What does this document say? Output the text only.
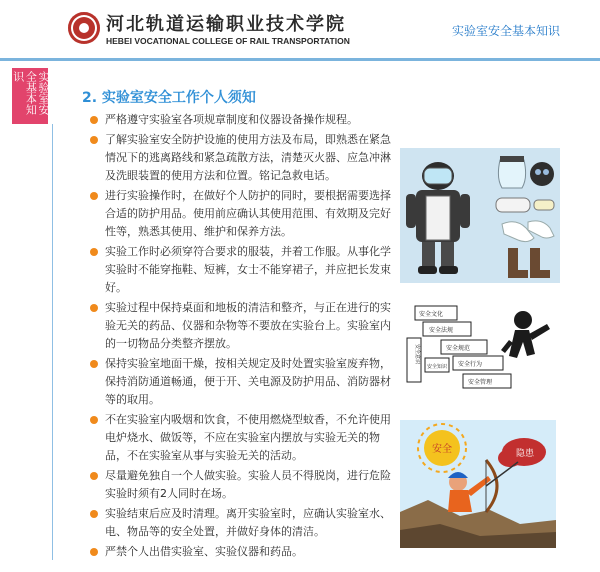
河北轨道运输职业技术学院
HEBEI VOCATIONAL COLLEGE OF RAIL TRANSPORTATION
实验室安全基本知识
实验室安全基本知识
2. 实验室安全工作个人须知
严格遵守实验室各项规章制度和仪器设备操作规程。
了解实验室安全防护设施的使用方法及布局，即熟悉在紧急情况下的逃离路线和紧急疏散方法，清楚灭火器、应急冲淋及洗眼装置的使用方法和位置。铭记急救电话。
进行实验操作时，在做好个人防护的同时，要根据需要选择合适的防护用品。使用前应确认其使用范围、有效期及完好性等，熟悉其使用、维护和保养方法。
实验工作时必须穿符合要求的服装，并着工作服。从事化学实验时不能穿拖鞋、短裤，女士不能穿裙子，并应把长发束好。
实验过程中保持桌面和地板的清洁和整齐，与正在进行的实验无关的药品、仪器和杂物等不要放在实验台上。实验室内的一切物品分类整齐摆放。
保持实验室地面干燥，按相关规定及时处置实验室废弃物，保持消防通道畅通，便于开、关电源及防护用品、消防器材等的取用。
不在实验室内吸烟和饮食，不使用燃烧型蚊香，不允许使用电炉烧水、做饭等，不应在实验室内摆放与实验无关的物品，不在实验室从事与实验无关的活动。
尽量避免独自一个人做实验。实验人员不得脱岗，进行危险实验时须有2人同时在场。
实验结束后应及时清理。离开实验室时，应确认实验室水、电、物品等的安全处置，并做好身体的清洁。
严禁个人出借实验室、实验仪器和药品。
安全文化
安全法规
安全规范
安全行为
安全管理
安全知识
安全意识
安全	隐患
